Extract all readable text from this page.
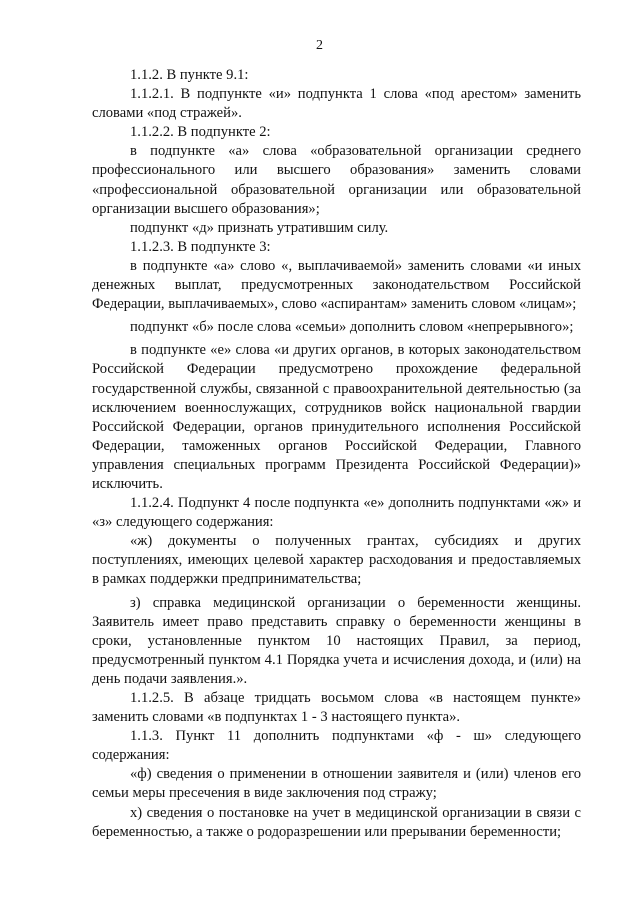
2

1.1.2. В пункте 9.1:

1.1.2.1. В подпункте «и» подпункта 1 слова «под арестом» заменить словами «под стражей».

1.1.2.2. В подпункте 2:

в подпункте «а» слова «образовательной организации среднего профессионального или высшего образования» заменить словами «профессиональной образовательной организации или образовательной организации высшего образования»;

подпункт «д» признать утратившим силу.

1.1.2.3. В подпункте 3:

в подпункте «а» слово «, выплачиваемой» заменить словами «и иных денежных выплат, предусмотренных законодательством Российской Федерации, выплачиваемых», слово «аспирантам» заменить словом «лицам»;

подпункт «б» после слова «семьи» дополнить словом «непрерывного»;

в подпункте «е» слова «и других органов, в которых законодательством Российской Федерации предусмотрено прохождение федеральной государственной службы, связанной с правоохранительной деятельностью (за исключением военнослужащих, сотрудников войск национальной гвардии Российской Федерации, органов принудительного исполнения Российской Федерации, таможенных органов Российской Федерации, Главного управления специальных программ Президента Российской Федерации)» исключить.

1.1.2.4. Подпункт 4 после подпункта «е» дополнить подпунктами «ж» и «з» следующего содержания:

«ж) документы о полученных грантах, субсидиях и других поступлениях, имеющих целевой характер расходования и предоставляемых в рамках поддержки предпринимательства;

з) справка медицинской организации о беременности женщины. Заявитель имеет право представить справку о беременности женщины в сроки, установленные пунктом 10 настоящих Правил, за период, предусмотренный пунктом 4.1 Порядка учета и исчисления дохода, и (или) на день подачи заявления.».

1.1.2.5. В абзаце тридцать восьмом слова «в настоящем пункте» заменить словами «в подпунктах 1 - 3 настоящего пункта».

1.1.3. Пункт 11 дополнить подпунктами «ф - ш» следующего содержания:

«ф) сведения о применении в отношении заявителя и (или) членов его семьи меры пресечения в виде заключения под стражу;

х) сведения о постановке на учет в медицинской организации в связи с беременностью, а также о родоразрешении или прерывании беременности;
